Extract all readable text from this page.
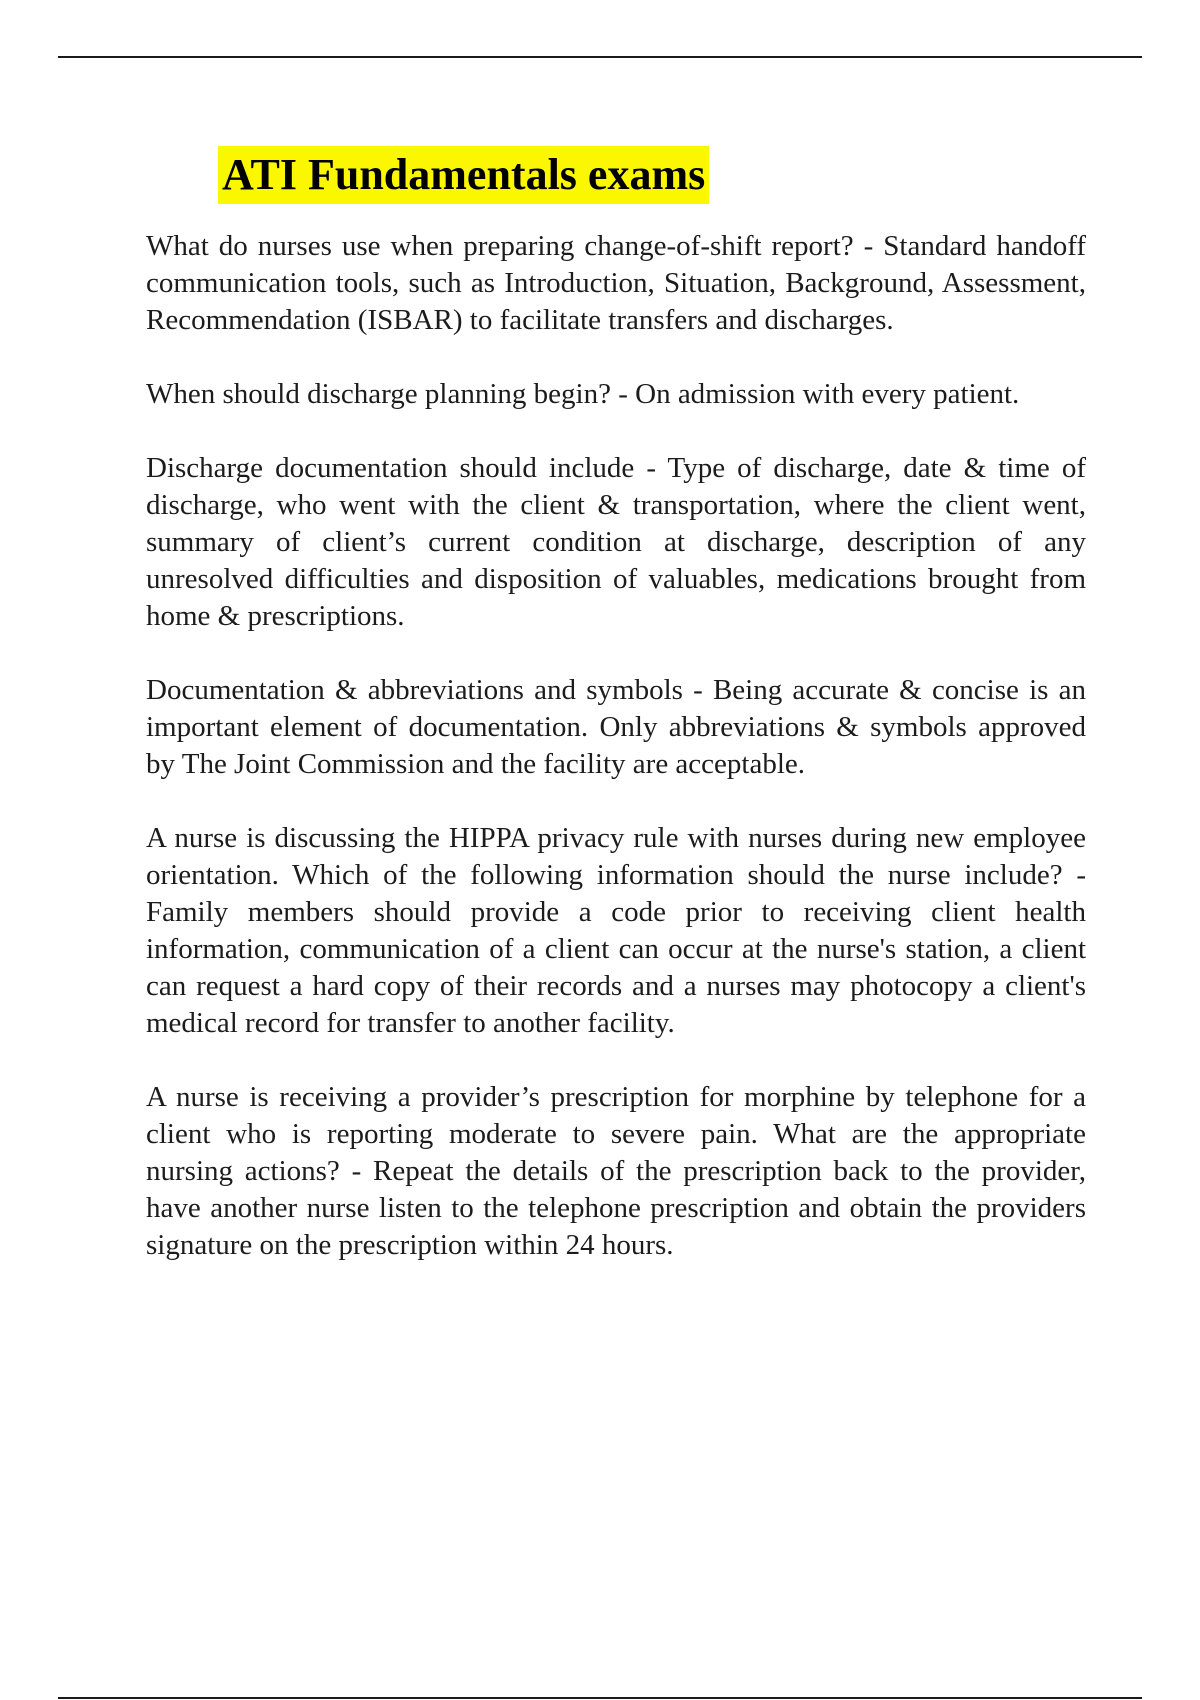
ATI Fundamentals exams

What do nurses use when preparing change-of-shift report? - Standard handoff communication tools, such as Introduction, Situation, Background, Assessment, Recommendation (ISBAR) to facilitate transfers and discharges.

When should discharge planning begin? - On admission with every patient.

Discharge documentation should include - Type of discharge, date & time of discharge, who went with the client & transportation, where the client went, summary of client’s current condition at discharge, description of any unresolved difficulties and disposition of valuables, medications brought from home & prescriptions.

Documentation & abbreviations and symbols - Being accurate & concise is an important element of documentation. Only abbreviations & symbols approved by The Joint Commission and the facility are acceptable.

A nurse is discussing the HIPPA privacy rule with nurses during new employee orientation. Which of the following information should the nurse include? - Family members should provide a code prior to receiving client health information, communication of a client can occur at the nurse's station, a client can request a hard copy of their records and a nurses may photocopy a client's medical record for transfer to another facility.

A nurse is receiving a provider’s prescription for morphine by telephone for a client who is reporting moderate to severe pain. What are the appropriate nursing actions? - Repeat the details of the prescription back to the provider, have another nurse listen to the telephone prescription and obtain the providers signature on the prescription within 24 hours.
